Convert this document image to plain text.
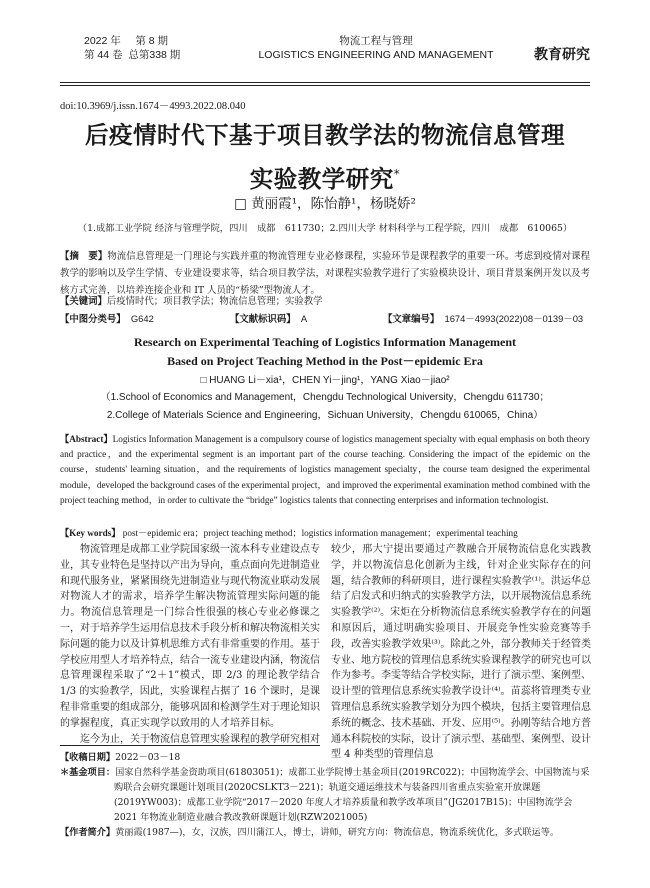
2022 年 第 8 期
第 44 卷 总第338 期
物流工程与管理
LOGISTICS ENGINEERING AND MANAGEMENT	教育研究
doi:10.3969/j.issn.1674－4993.2022.08.040
后疫情时代下基于项目教学法的物流信息管理
实验教学研究*
□ 黄丽霞¹，陈怡静¹，杨晓娇²
（1.成都工业学院 经济与管理学院，四川　成都　611730；2.四川大学 材料科学与工程学院，四川　成都　610065）
【摘　要】物流信息管理是一门理论与实践并重的物流管理专业必修课程，实验环节是课程教学的重要一环。考虑到疫情对课程教学的影响以及学生学情、专业建设要求等，结合项目教学法，对课程实验教学进行了实验模块设计、项目背景案例开发以及考核方式完善，以培养连接企业和 IT 人员的“桥梁”型物流人才。
【关键词】后疫情时代；项目教学法；物流信息管理；实验教学
【中图分类号】 G642	【文献标识码】 A	【文章编号】 1674－4993(2022)08－0139－03
Research on Experimental Teaching of Logistics Information Management
Based on Project Teaching Method in the Post－epidemic Era
□ HUANG Li－xia¹，CHEN Yi－jing¹，YANG Xiao－jiao²
（1.School of Economics and Management，Chengdu Technological University，Chengdu 611730；
2.College of Materials Science and Engineering，Sichuan University，Chengdu 610065，China）
【Abstract】Logistics Information Management is a compulsory course of logistics management specialty with equal emphasis on both theory and practice，and the experimental segment is an important part of the course teaching. Considering the impact of the epidemic on the course，students' learning situation，and the requirements of logistics management specialty，the course team designed the experimental module，developed the background cases of the experimental project，and improved the experimental examination method combined with the project teaching method，in order to cultivate the “bridge” logistics talents that connecting enterprises and information technologist.
【Key words】 post－epidemic era；project teaching method；logistics information management；experimental teaching

物流管理是成都工业学院国家级一流本科专业建设点专业，其专业特色是坚持以产出为导向，重点面向先进制造业和现代服务业，紧紧围绕先进制造业与现代物流业联动发展对物流人才的需求，培养学生解决物流管理实际问题的能力。物流信息管理是一门综合性很强的核心专业必修课之一，对于培养学生运用信息技术手段分析和解决物流相关实际问题的能力以及计算机思维方式有非常重要的作用。基于学校应用型人才培养特点，结合一流专业建设内涵，物流信息管理课程采取了“2＋1”模式，即 2/3 的理论教学结合 1/3 的实验教学，因此，实验课程占据了 16 个课时，是课程非常重要的组成部分，能够巩固和检测学生对于理论知识的掌握程度，真正实现学以致用的人才培养目标。

迄今为止，关于物流信息管理实验课程的教学研究相对

较少，邢大宁提出要通过产教融合开展物流信息化实践教学，并以物流信息化创新为主线，针对企业实际存在的问题，结合教师的科研项目，进行课程实验教学⁽¹⁾。洪运华总结了启发式和归纳式的实验教学方法，以开展物流信息系统实验教学⁽²⁾。宋炬在分析物流信息系统实验教学存在的问题和原因后，通过明确实验项目、开展竞争性实验竞赛等手段，改善实验教学效果⁽³⁾。除此之外，部分教师关于经管类专业、地方院校的管理信息系统实验课程教学的研究也可以作为参考。李雯等结合学校实际，进行了演示型、案例型、设计型的管理信息系统实验教学设计⁽⁴⁾。苗蕊将管理类专业管理信息系统实验教学划分为四个模块，包括主要管理信息系统的概念、技术基础、开发、应用⁽⁵⁾。孙刚等结合地方普通本科院校的实际，设计了演示型、基础型、案例型、设计型 4 种类型的管理信息

【收稿日期】2022－03－18
＊基金项目：国家自然科学基金资助项目(61803051)；成都工业学院博士基金项目(2019RC022)；中国物流学会、中国物流与采购联合会研究课题计划项目(2020CSLKT3－221)；轨道交通运维技术与装备四川省重点实验室开放课题(2019YW003)；成都工业学院“2017－2020 年度人才培养质量和教学改革项目”(JG2017B15)；中国物流学会 2021 年物流业制造业融合教改教研课题计划(RZW2021005)
【作者简介】黄丽霞(1987—)，女，汉族，四川蒲江人，博士，讲师，研究方向：物流信息，物流系统优化，多式联运等。
